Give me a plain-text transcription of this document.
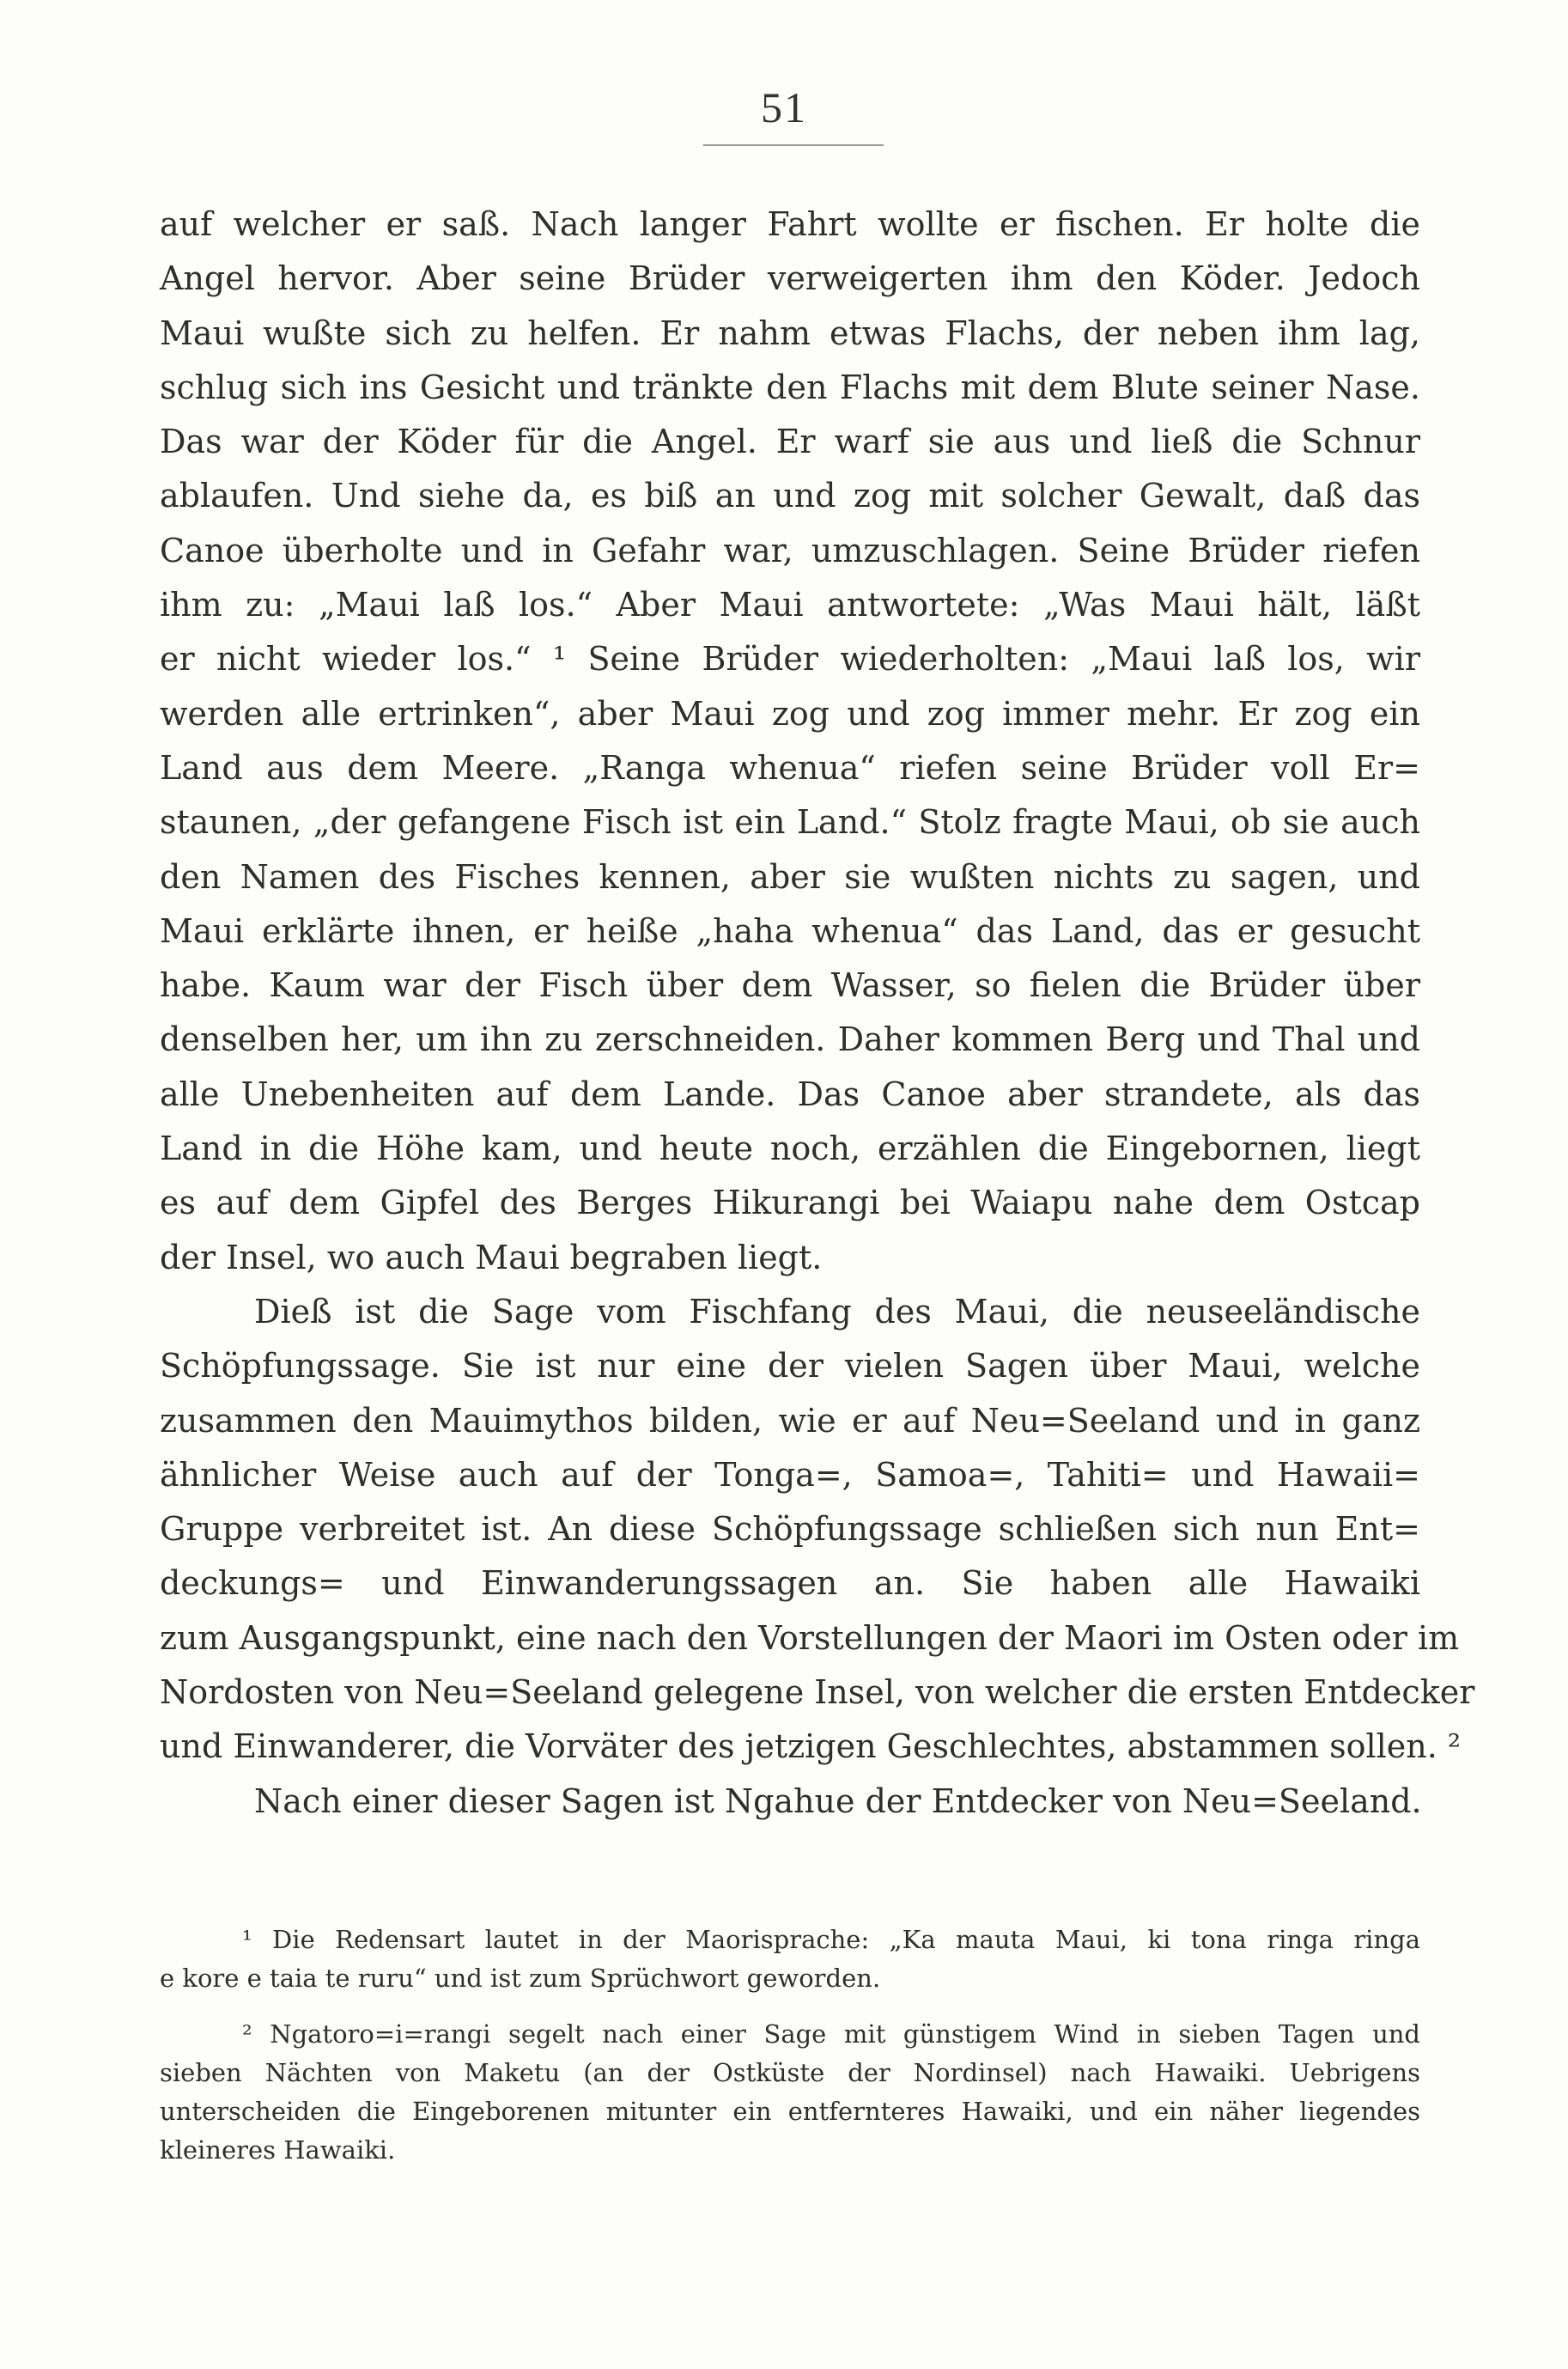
51
auf welcher er saß. Nach langer Fahrt wollte er fischen. Er holte die
Angel hervor. Aber seine Brüder verweigerten ihm den Köder. Jedoch
Maui wußte sich zu helfen. Er nahm etwas Flachs, der neben ihm lag,
schlug sich ins Gesicht und tränkte den Flachs mit dem Blute seiner Nase.
Das war der Köder für die Angel. Er warf sie aus und ließ die Schnur
ablaufen. Und siehe da, es biß an und zog mit solcher Gewalt, daß das
Canoe überholte und in Gefahr war, umzuschlagen. Seine Brüder riefen
ihm zu: „Maui laß los.“ Aber Maui antwortete: „Was Maui hält, läßt
er nicht wieder los.“ ¹ Seine Brüder wiederholten: „Maui laß los, wir
werden alle ertrinken“, aber Maui zog und zog immer mehr. Er zog ein
Land aus dem Meere. „Ranga whenua“ riefen seine Brüder voll Er=
staunen, „der gefangene Fisch ist ein Land.“ Stolz fragte Maui, ob sie auch
den Namen des Fisches kennen, aber sie wußten nichts zu sagen, und
Maui erklärte ihnen, er heiße „haha whenua“ das Land, das er gesucht
habe. Kaum war der Fisch über dem Wasser, so fielen die Brüder über
denselben her, um ihn zu zerschneiden. Daher kommen Berg und Thal und
alle Unebenheiten auf dem Lande. Das Canoe aber strandete, als das
Land in die Höhe kam, und heute noch, erzählen die Eingebornen, liegt
es auf dem Gipfel des Berges Hikurangi bei Waiapu nahe dem Ostcap
der Insel, wo auch Maui begraben liegt.
Dieß ist die Sage vom Fischfang des Maui, die neuseeländische
Schöpfungssage. Sie ist nur eine der vielen Sagen über Maui, welche
zusammen den Mauimythos bilden, wie er auf Neu=Seeland und in ganz
ähnlicher Weise auch auf der Tonga=, Samoa=, Tahiti= und Hawaii=
Gruppe verbreitet ist. An diese Schöpfungssage schließen sich nun Ent=
deckungs= und Einwanderungssagen an. Sie haben alle Hawaiki
zum Ausgangspunkt, eine nach den Vorstellungen der Maori im Osten oder im
Nordosten von Neu=Seeland gelegene Insel, von welcher die ersten Entdecker
und Einwanderer, die Vorväter des jetzigen Geschlechtes, abstammen sollen. ²
Nach einer dieser Sagen ist Ngahue der Entdecker von Neu=Seeland.
¹ Die Redensart lautet in der Maorisprache: „Ka mauta Maui, ki tona ringa ringa
e kore e taia te ruru“ und ist zum Sprüchwort geworden.
² Ngatoro=i=rangi segelt nach einer Sage mit günstigem Wind in sieben Tagen und
sieben Nächten von Maketu (an der Ostküste der Nordinsel) nach Hawaiki. Uebrigens
unterscheiden die Eingeborenen mitunter ein entfernteres Hawaiki, und ein näher liegendes
kleineres Hawaiki.
